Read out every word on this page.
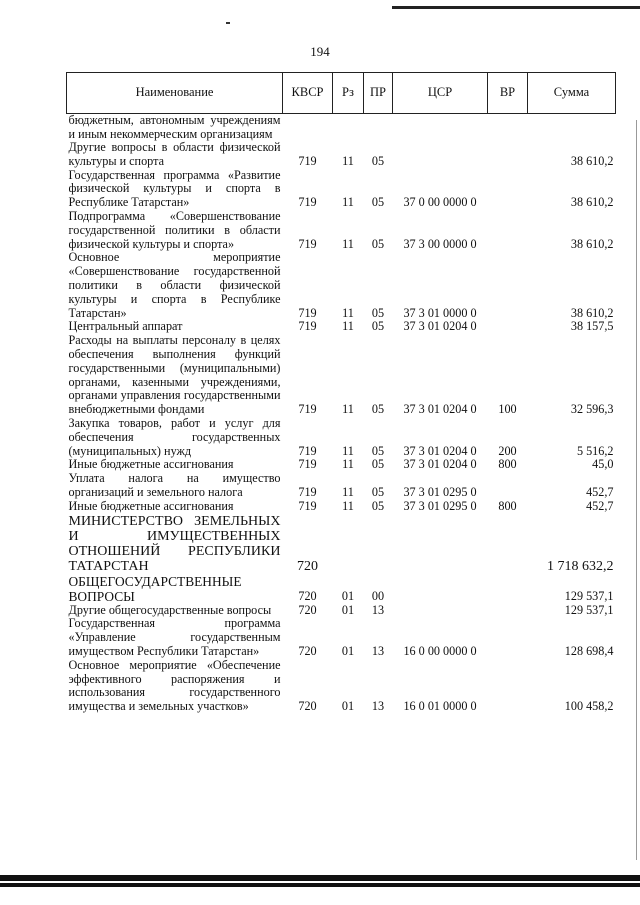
194
Наименование	КВСР	Рз	ПР	ЦСР	ВР	Сумма
бюджетным, автономным учреждениям и иным некоммерческим организациям						
Другие вопросы в области физической культуры и спорта	719	11	05			38 610,2
Государственная программа «Развитие физической культуры и спорта в Республике Татарстан»	719	11	05	37 0 00 0000 0		38 610,2
Подпрограмма «Совершенствование государственной политики в области физической культуры и спорта»	719	11	05	37 3 00 0000 0		38 610,2
Основное мероприятие «Совершенствование государственной политики в области физической культуры и спорта в Республике Татарстан»	719	11	05	37 3 01 0000 0		38 610,2
Центральный аппарат	719	11	05	37 3 01 0204 0		38 157,5
Расходы на выплаты персоналу в целях обеспечения выполнения функций государственными (муниципальными) органами, казенными учреждениями, органами управления государственными внебюджетными фондами	719	11	05	37 3 01 0204 0	100	32 596,3
Закупка товаров, работ и услуг для обеспечения государственных (муниципальных) нужд	719	11	05	37 3 01 0204 0	200	5 516,2
Иные бюджетные ассигнования	719	11	05	37 3 01 0204 0	800	45,0
Уплата налога на имущество организаций и земельного налога	719	11	05	37 3 01 0295 0		452,7
Иные бюджетные ассигнования	719	11	05	37 3 01 0295 0	800	452,7
МИНИСТЕРСТВО ЗЕМЕЛЬНЫХ И ИМУЩЕСТВЕННЫХ ОТНОШЕНИЙ РЕСПУБЛИКИ ТАТАРСТАН	720					1 718 632,2
ОБЩЕГОСУДАРСТВЕННЫЕ ВОПРОСЫ	720	01	00			129 537,1
Другие общегосударственные вопросы	720	01	13			129 537,1
Государственная программа «Управление государственным имуществом Республики Татарстан»	720	01	13	16 0 00 0000 0		128 698,4
Основное мероприятие «Обеспечение эффективного распоряжения и использования государственного имущества и земельных участков»	720	01	13	16 0 01 0000 0		100 458,2
